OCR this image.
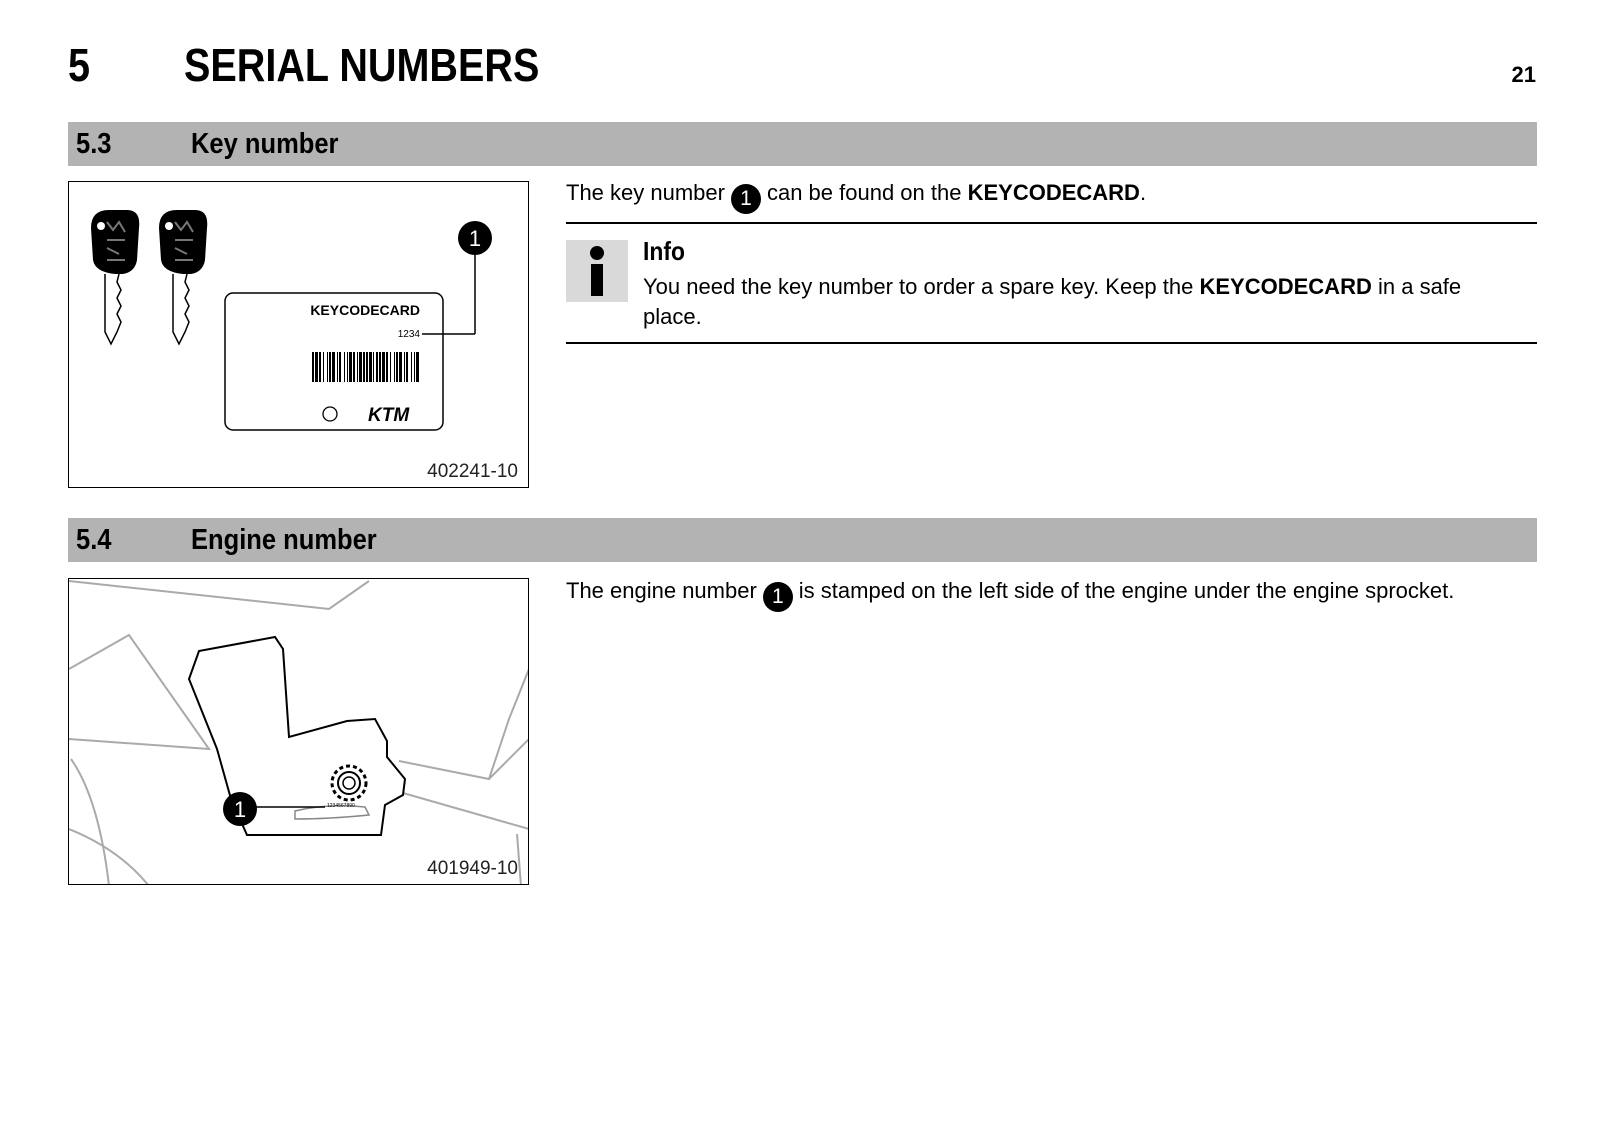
5 SERIAL NUMBERS	21
5.3	Key number
KEYCODECARD
1234
KTM
1
402241-10
The key number 1 can be found on the KEYCODECARD.
Info
You need the key number to order a spare key. Keep the KEYCODECARD in a safe place.
5.4	Engine number
1234567890
1
401949-10
The engine number 1 is stamped on the left side of the engine under the engine sprocket.
